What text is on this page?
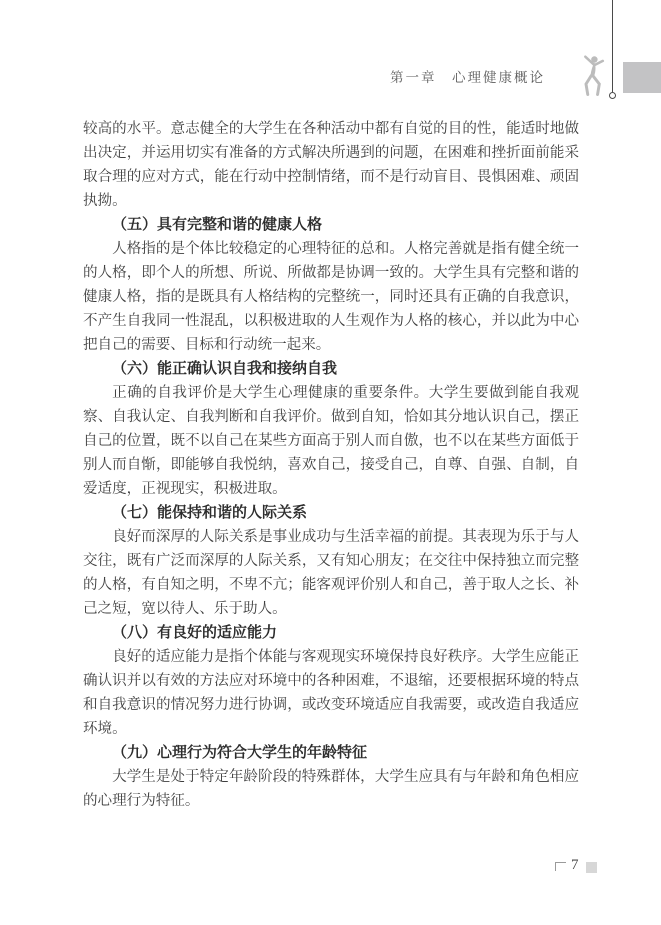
第一章　心理健康概论

较高的水平。意志健全的大学生在各种活动中都有自觉的目的性，能适时地做出决定，并运用切实有准备的方式解决所遇到的问题，在困难和挫折面前能采取合理的应对方式，能在行动中控制情绪，而不是行动盲目、畏惧困难、顽固执拗。

（五）具有完整和谐的健康人格

人格指的是个体比较稳定的心理特征的总和。人格完善就是指有健全统一的人格，即个人的所想、所说、所做都是协调一致的。大学生具有完整和谐的健康人格，指的是既具有人格结构的完整统一，同时还具有正确的自我意识，不产生自我同一性混乱，以积极进取的人生观作为人格的核心，并以此为中心把自己的需要、目标和行动统一起来。

（六）能正确认识自我和接纳自我

正确的自我评价是大学生心理健康的重要条件。大学生要做到能自我观察、自我认定、自我判断和自我评价。做到自知，恰如其分地认识自己，摆正自己的位置，既不以自己在某些方面高于别人而自傲，也不以在某些方面低于别人而自惭，即能够自我悦纳，喜欢自己，接受自己，自尊、自强、自制，自爱适度，正视现实，积极进取。

（七）能保持和谐的人际关系

良好而深厚的人际关系是事业成功与生活幸福的前提。其表现为乐于与人交往，既有广泛而深厚的人际关系，又有知心朋友；在交往中保持独立而完整的人格，有自知之明，不卑不亢；能客观评价别人和自己，善于取人之长、补己之短，宽以待人、乐于助人。

（八）有良好的适应能力

良好的适应能力是指个体能与客观现实环境保持良好秩序。大学生应能正确认识并以有效的方法应对环境中的各种困难，不退缩，还要根据环境的特点和自我意识的情况努力进行协调，或改变环境适应自我需要，或改造自我适应环境。

（九）心理行为符合大学生的年龄特征

大学生是处于特定年龄阶段的特殊群体，大学生应具有与年龄和角色相应的心理行为特征。

7
